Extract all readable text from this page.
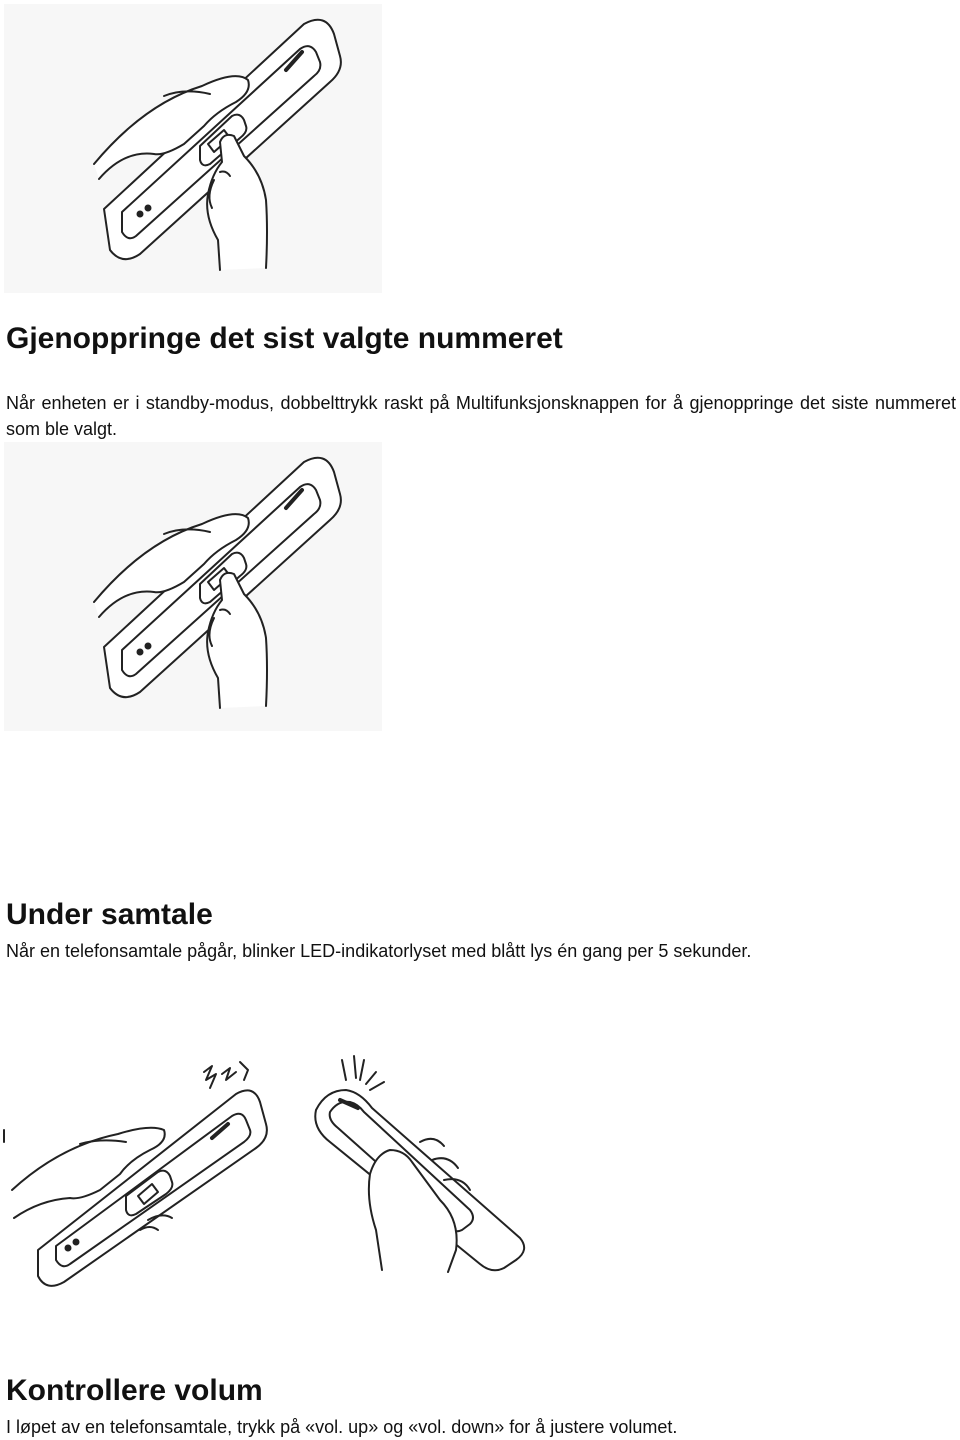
Gjenoppringe det sist valgte nummeret

Når enheten er i standby-modus, dobbelttrykk raskt på Multifunksjonsknappen for å gjenoppringe det siste nummeret som ble valgt.

Under samtale

Når en telefonsamtale pågår, blinker LED-indikatorlyset med blått lys én gang per 5 sekunder.

Kontrollere volum

I løpet av en telefonsamtale, trykk på «vol. up» og «vol. down» for å justere volumet.
